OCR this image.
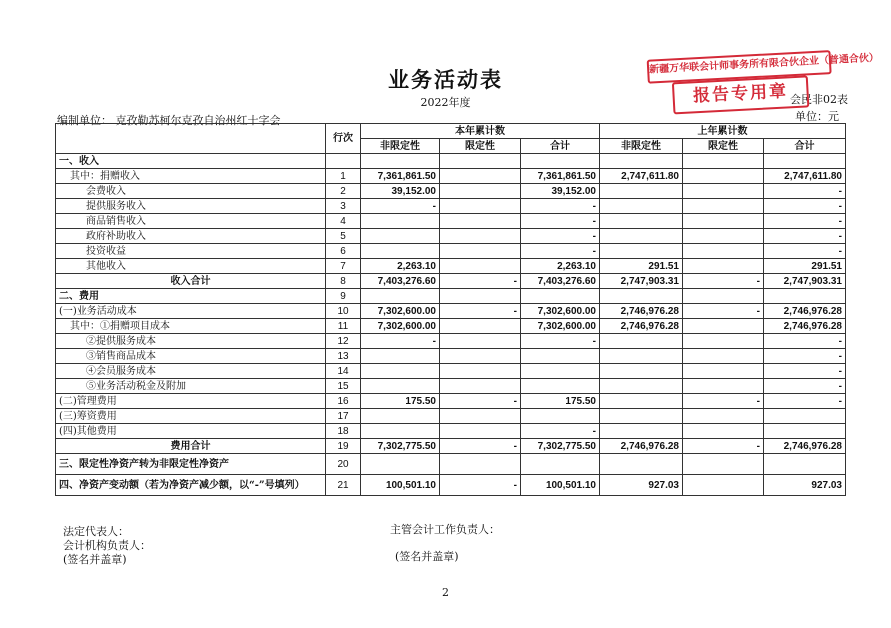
业务活动表
2022年度	会民非02表
编制单位： 克孜勒苏柯尔克孜自治州红十字会	单位：元
新疆万华联会计师事务所有限合伙企业（普通合伙）
报告专用章
	行次	本年累计数			上年累计数		
		非限定性	限定性	合计	非限定性	限定性	合计
一、收入							
其中：捐赠收入	1	7,361,861.50		7,361,861.50	2,747,611.80		2,747,611.80
会费收入	2	39,152.00		39,152.00			-
提供服务收入	3	-		-			-
商品销售收入	4			-			-
政府补助收入	5			-			-
投资收益	6			-			-
其他收入	7	2,263.10		2,263.10	291.51		291.51
收入合计	8	7,403,276.60	-	7,403,276.60	2,747,903.31	-	2,747,903.31
二、费用	9						
(一)业务活动成本	10	7,302,600.00	-	7,302,600.00	2,746,976.28	-	2,746,976.28
其中：①捐赠项目成本	11	7,302,600.00		7,302,600.00	2,746,976.28		2,746,976.28
②提供服务成本	12	-		-			-
③销售商品成本	13						-
④会员服务成本	14						-
⑤业务活动税金及附加	15						-
(二)管理费用	16	175.50	-	175.50		-	-
(三)筹资费用	17						
(四)其他费用	18			-			
费用合计	19	7,302,775.50	-	7,302,775.50	2,746,976.28	-	2,746,976.28
三、限定性净资产转为非限定性净资产	20						
四、净资产变动额（若为净资产减少额，以“-”号填列）	21	100,501.10	-	100,501.10	927.03		927.03
法定代表人：	主管会计工作负责人：
会计机构负责人：
(签名并盖章)	(签名并盖章)
2
